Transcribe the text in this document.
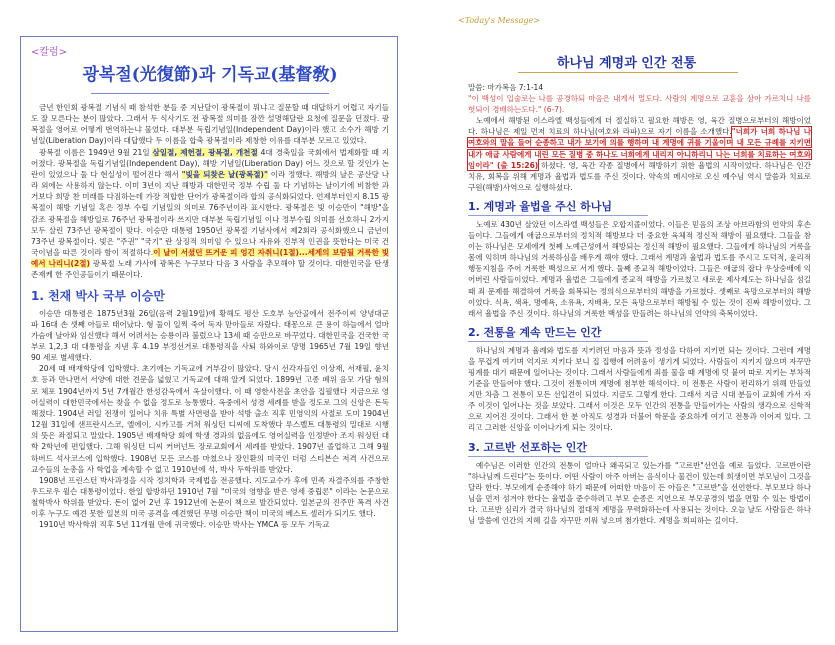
<칼럼>
광복절(光復節)과 기독교(基督敎)

금년 한인회 광복절 기념식 때 참석한 분들 중 지난달이 광복절이 뭐냐고 질문할 때 대답하기 어렵고 자기들도 잘 모른다는 분이 많았다. 그래서 두 식사기도 전 광복절 의미를 잠깐 설명해달란 요청에 질문을 던졌다. 광복절을 영어로 어떻게 번역하는냐 물었다. 대부분 독립기념일(Independent Day)이라 했고 소수가 해방 기념일(Liberation Day)이라 대답했다 두 이름을 합축 광복절이라 제창한 이유를 대부분 모르고 있었다.

광복절 이름은 1949년 9월 21일 삼일절, 제헌절, 광복절, 개천절 4대 경축일을 국회에서 법제화할 때 지어졌다. 광복절을 독립기념일(Independent Day), 해방 기념일(Liberation Day) 어느 것으로 할 것인가 논란이 있었으나 둘 다 현실성이 떨어진다 해서 "빛을 되찾은 날(광복절)" 이라 정했다. 해방의 날은 공산당 나라 외에는 사용하지 않는다. 이미 3년이 지난 해방과 대한민국 정부 수립 둘 다 기념하는 날이기에 비참한 과거보다 희망 찬 미래를 다짐하는데 가장 적합한 단어가 광복절이라 합의 공식화되었다. 언제부터인지 8.15 광복절이 해방 기념일 혹은 정부 수립 기념일의 의미로 76주년이라 표시한다. 광복절은 빛 이승만이 "해방"을 감조 광복절을 해방일로 76주년 광복절이라 쓰지만 대부분 독립기념일 이나 정부수립 의미를 선호하니 2가지 모두 살린 73주년 광복절이 맞다. 이승만 대통령 1950년 광복절 기념사에서 제2회라 공식화했으니 금년이 73주년 광복절이다. 빛은 "주권" "국기" 란 상징적 의미임 수 있으나 자유와 진부적 인권을 뜻한다는 미국 건국이념을 따른 것이라 함이 적절하다.이 날이 서셨던 뜨거운 피 엉긴 자취니(1절)...세계의 보람될 거룩한 빛 예서 나리니(2절) 광복절 노래 가사에 광복은 누구보다 다음 3 사람을 추모해야 할 것이다. 대한민국을 탄생 존재케 한 주인공들이기 때문이다.

1. 천재 박사 국부 이승만

이승만 대통령은 1875년3월 26일(음력 2월19일)에 황해도 평산 도호부 능안골에서 전주이씨 양녕대군 파 16대 손 셋째 아들로 태어났다. 형 둘이 일찍 죽어 독자 맏아들로 자랐다. 태몽으로 큰 용이 하늘에서 얼마 가슴에 날아와 임신했다 해서 어려서는 승룡이라 불렀으나 13세 때 승만으로 바꾸었다. 대한민국을 건국한 국부로 1,2,3 대 대통령을 지낸 후 4.19 부정선거로 대통령직을 사퇴 하와이로 망명 1965년 7월 19일 향년 90 세로 별세했다.

20세 때 배재학당에 입학했다. 초기에는 기독교에 거부감이 많았다. 당시 선각자들인 이상재, 서재필, 윤치호 등과 만나면서 서양에 대한 견문을 넓혔고 기독교에 대해 알게 되었다. 1899년 고종 폐위 음모 가담 혐의로 체포 1904년까지 5년 7개월간 한성감옥에서 옥살이했다. 이 때 영한사전을 초안을 집필했다 지금으로 영어실력이 대한민국에서는 찾을 수 없을 정도로 능통했다. 옥중에서 성경 세례를 받을 정도로 그의 신앙은 돈독해졌다. 1904년 러일 전쟁이 일어나 치유 특별 사면령을 받아 석방 출소 직후 민영익의 사절로 도미 1904년 12월 31일에 샌프란시스코, 엘에이, 시카고를 거쳐 워싱턴 디씨에 도착했다 루스벨트 대통령의 밀대로 시행의 뜻은 좌절되고 말았다. 1905년 배재학당 회에 학생 경과의 없음에도 영어실력을 인정받아 조지 워싱턴 대학 2학년에 편입했다. 그해 워싱턴 디씨 커버넌트 장로교회에서 세례를 받았다. 1907년 졸업하고 그해 9월 하버드 석사코스에 입학했다. 1908년 모든 코스를 마쳤으나 장인환의 미국인 더럼 스티븐슨 저격 사건으로 교수들의 눈총을 사 학업을 계속할 수 없고 1910년에 석, 박사 두학위를 받았다.

1908년 프린스턴 박사과정을 시작 정치학과 국제법을 전공했다. 지도교수가 후에 민족 자결주의를 주창한 우드로우 윌슨 대통령이었다. 한일 합방하던 1910년 7월 "미국의 영향을 받은 영세 중립론" 이라는 논문으로 철학박사 학위를 받았다. 돈이 없어 2년 후 1912년에 논문이 책으로 발간되었다. 일본군의 진주만 폭격 사건 이후 누구도 예견 못한 일본의 미국 공격을 예견했던 무명 이승만 책이 미국의 베스트 셀러가 되기도 했다.

1910년 박사학위 직후 5년 11개월 만에 귀국했다. 이승만 박사는 YMCA 등 모두 기독교

<Today's Message>
하나님 계명과 인간 전통

말씀: 마가복음 7:1-14

"이 백성이 입술로는 나를 공경하되 마음은 내게서 멀도다. 사람의 계명으로 교훈을 삼아 가르치니 나를 헛되이 경배하는도다." (6-7).

노예에서 해방된 이스라엘 백성들에게 더 절실하고 필요한 해방은 영, 육간 질병으로부터의 해방이었다. 하나님은 제일 먼저 치료의 하나님(여호와 라파)으로 자기 이름을 소개했다."너희가 너희 하나님 나 여호와의 말을 들어 순종하고 내가 보기에 의를 행하며 내 계명에 귀를 기울이며 내 모든 규례를 지키면 내가 애굽 사람에게 내린 모든 질병 중 하나도 너희에게 내리지 아니하리니 나는 너희를 치료하는 여호와임이라" (출 15:26) 하셨다. 영, 육간 각종 질병에서 해방하기 위한 율법의 시작이었다. 하나님은 인간 치유, 회복을 위해 계명과 율법과 법도를 주신 것이다. 약속의 메시야로 오신 예수님 역시 말씀과 치료로 구원(해방)사역으로 실행하셨다.

1. 계명과 율법을 주신 하나님

노예로 430년 살았던 이스라엘 백성들은 오합지졸이었다. 이들은 믿음의 조상 아브라함의 언약의 후손들이다. 그들에게 애굽으로부터의 정치적 해방보다 더 중요한 육체적 정신적 해방이 필요했다. 그들을 참 이는 하나님은 모세에게 첫째 노예근성에서 해방되는 정신적 해방이 필요했다. 그들에게 하나님의 거룩을 몸에 익히며 하나님의 거룩하심을 배우게 해야 했다. 그래서 계명과 율법과 법도를 주시고 도덕적, 윤리적 행동지침을 주어 거룩한 백성으로 서게 했다. 둘째 종교적 해방이었다. 그들은 애굽의 잡다 우상숭배에 익어버린 사람들이었다. 계명과 율법은 그들에게 종교적 해방을 가르쳤고 새로운 제사제도는 하나님을 섬길 때 죄 문제를 해결하여 거룩을 회복되는 정의식으로부터의 해방을 가르쳤다. 셋째로 육망으로부터의 해방이었다. 식욕, 색욕, 명예욕, 소유욕, 지배욕, 모든 육망으로부터 해방될 수 있는 것이 진짜 해방이었다. 그래서 율법을 주신 것이다. 하나님의 거룩한 백성을 만들려는 하나님의 언약의 축복이었다.

2. 전통을 계속 만드는 인간

하나님의 계명과 율례와 법도를 지키려던 마음과 뜻과 정성을 다하여 지키면 되는 것이다. 그런데 계명을 무겁게 여기며 억지로 지키다 보니 집 집행에 어려움이 생기게 되었다. 사람들이 지키지 않으며 자꾸만 핑계를 대기 때문에 일어나는 것이다. 그래서 사람들에게 죄를 물을 때 계명에 덧 붙여 따로 지키는 부차적 기준을 만들어야 했다. 그것이 전통이며 계명에 첨부한 해석이다. 이 전통은 사람이 편리하기 위해 만들었지만 차츰 그 전통이 모든 선입견이 되었다. 지금도 그렇게 한다. 그래서 지금 시대 분들이 교회에 가서 자주 이것이 일어나는 것을 보았다. 그래서 이것은 모두 인간의 전통을 만들어가는 사람의 생각으로 신학적으로 지어진 것이다. 그래서 한 분 아직도 성경과 더불어 학문을 중요하게 여기고 전통과 이어져 있다. 그리고 그러한 신앙을 이어나가게 되는 것이다.

3. 고르반 선포하는 인간

예수님은 이러한 인간의 전통이 얼마나 왜곡되고 있는가를 "고르반"선언을 예로 들었다. 고르반이란 "하나님께 드린다"는 뜻이다. 어떤 사람이 아주 아버는 음식이나 물건이 있는데 희생이면 부모님이 그것을 달라 한다. 부모에게 순종해야 하기 때문에 어떠한 마음이 든 아들은 "고르반"을 선언한다. 부모보다 하나님을 먼저 섬겨야 한다는 율법을 준수하려고 부모 순종은 지연으로 부모공경의 법을 면할 수 있는 방법이다. 고르반 심리가 결국 하나님의 절대적 계명을 무력화하는데 사용되는 것이다. 오늘 날도 사람들은 하나님 말씀에 인간의 지혜 길을 자꾸만 끼워 넣으며 첨가한다. 계명을 희피하는 길이다.
